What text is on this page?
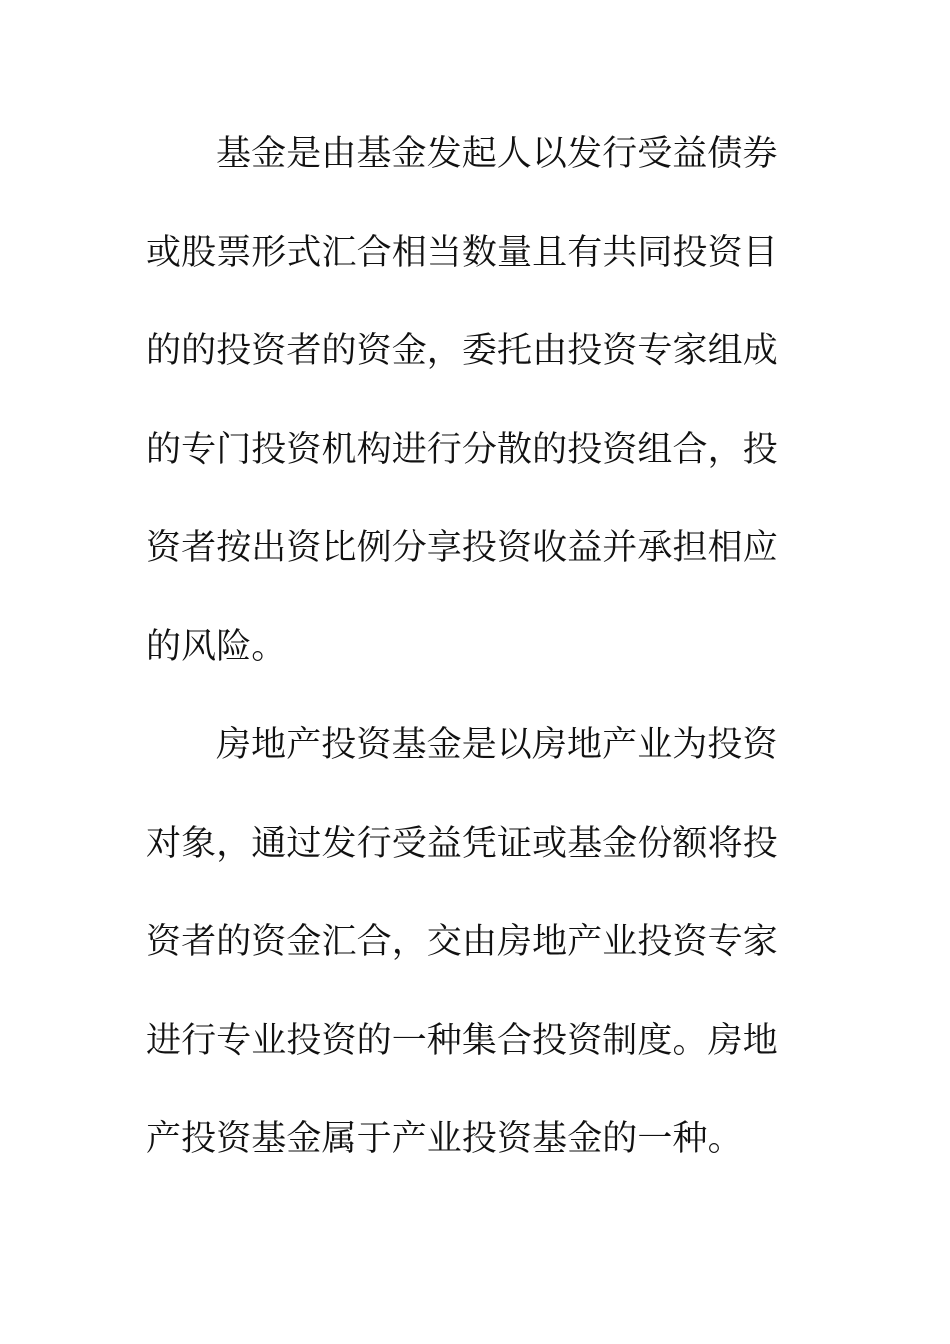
基金是由基金发起人以发行受益债券
或股票形式汇合相当数量且有共同投资目
的的投资者的资金，委托由投资专家组成
的专门投资机构进行分散的投资组合，投
资者按出资比例分享投资收益并承担相应
的风险。
房地产投资基金是以房地产业为投资
对象，通过发行受益凭证或基金份额将投
资者的资金汇合，交由房地产业投资专家
进行专业投资的一种集合投资制度。房地
产投资基金属于产业投资基金的一种。
